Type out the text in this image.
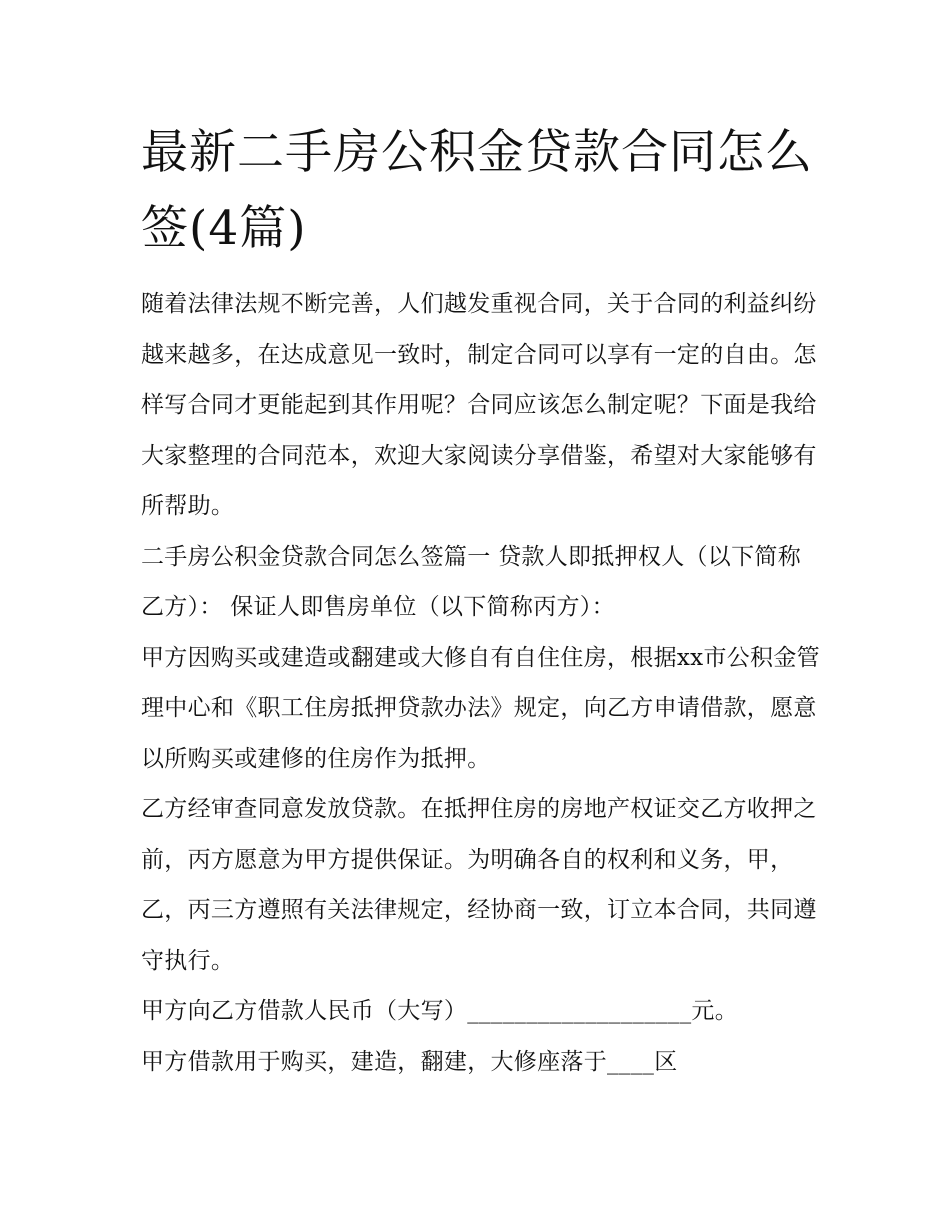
最新二手房公积金贷款合同怎么签(4篇)

随着法律法规不断完善，人们越发重视合同，关于合同的利益纠纷越来越多，在达成意见一致时，制定合同可以享有一定的自由。怎样写合同才更能起到其作用呢？合同应该怎么制定呢？下面是我给大家整理的合同范本，欢迎大家阅读分享借鉴，希望对大家能够有所帮助。

二手房公积金贷款合同怎么签篇一 贷款人即抵押权人（以下简称乙方）： 保证人即售房单位（以下简称丙方）：

甲方因购买或建造或翻建或大修自有自住住房，根据xx市公积金管理中心和《职工住房抵押贷款办法》规定，向乙方申请借款，愿意以所购买或建修的住房作为抵押。

乙方经审查同意发放贷款。在抵押住房的房地产权证交乙方收押之前，丙方愿意为甲方提供保证。为明确各自的权利和义务，甲，乙，丙三方遵照有关法律规定，经协商一致，订立本合同，共同遵守执行。

甲方向乙方借款人民币（大写）___________________元。

甲方借款用于购买，建造，翻建，大修座落于____区
